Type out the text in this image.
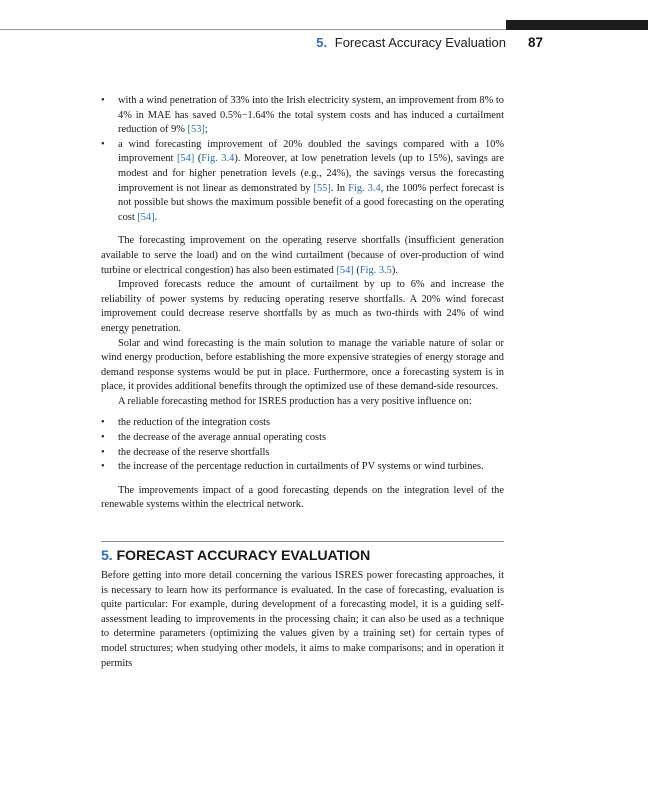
5. Forecast Accuracy Evaluation 87
• with a wind penetration of 33% into the Irish electricity system, an improvement from 8% to 4% in MAE has saved 0.5%−1.64% the total system costs and has induced a curtailment reduction of 9% [53];
• a wind forecasting improvement of 20% doubled the savings compared with a 10% improvement [54] (Fig. 3.4). Moreover, at low penetration levels (up to 15%), savings are modest and for higher penetration levels (e.g., 24%), the savings versus the forecasting improvement is not linear as demonstrated by [55]. In Fig. 3.4, the 100% perfect forecast is not possible but shows the maximum possible benefit of a good forecasting on the operating cost [54].

The forecasting improvement on the operating reserve shortfalls (insufficient generation available to serve the load) and on the wind curtailment (because of over-production of wind turbine or electrical congestion) has also been estimated [54] (Fig. 3.5).

Improved forecasts reduce the amount of curtailment by up to 6% and increase the reliability of power systems by reducing operating reserve shortfalls. A 20% wind forecast improvement could decrease reserve shortfalls by as much as two-thirds with 24% of wind energy penetration.

Solar and wind forecasting is the main solution to manage the variable nature of solar or wind energy production, before establishing the more expensive strategies of energy storage and demand response systems would be put in place. Furthermore, once a forecasting system is in place, it provides additional benefits through the optimized use of these demand-side resources.

A reliable forecasting method for ISRES production has a very positive influence on:

• the reduction of the integration costs
• the decrease of the average annual operating costs
• the decrease of the reserve shortfalls
• the increase of the percentage reduction in curtailments of PV systems or wind turbines.

The improvements impact of a good forecasting depends on the integration level of the renewable systems within the electrical network.

5. FORECAST ACCURACY EVALUATION

Before getting into more detail concerning the various ISRES power forecasting approaches, it is necessary to learn how its performance is evaluated. In the case of forecasting, evaluation is quite particular: For example, during development of a forecasting model, it is a guiding self-assessment leading to improvements in the processing chain; it can also be used as a technique to determine parameters (optimizing the values given by a training set) for certain types of model structures; when studying other models, it aims to make comparisons; and in operation it permits
